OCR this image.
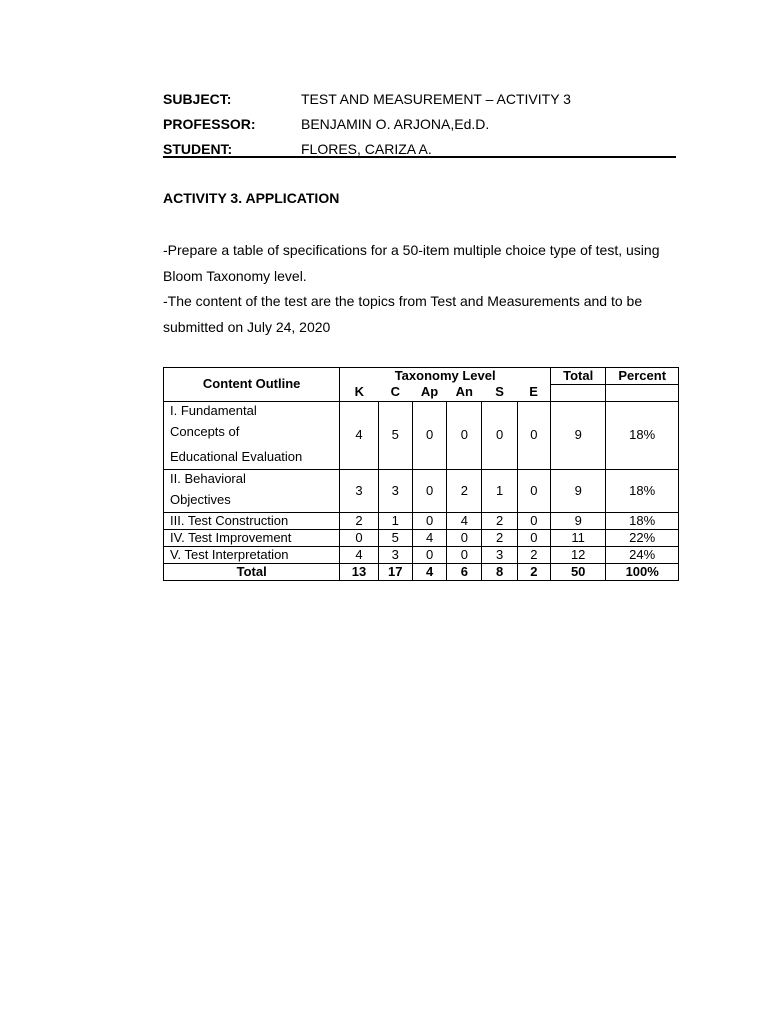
SUBJECT:	TEST AND MEASUREMENT – ACTIVITY 3
PROFESSOR:	BENJAMIN O. ARJONA,Ed.D.
STUDENT:	FLORES, CARIZA A.
ACTIVITY 3. APPLICATION

-Prepare a table of specifications for a 50-item multiple choice type of test, using Bloom Taxonomy level.

-The content of the test are the topics from Test and Measurements and to be submitted on July 24, 2020

Content Outline	Taxonomy Level						Total	Percent
	K	C	Ap	An	S	E		

I. Fundamental
Concepts of
Educational Evaluation	4	5	0	0	0	0	9	18%

II. Behavioral
Objectives	3	3	0	2	1	0	9	18%
III. Test Construction	2	1	0	4	2	0	9	18%
IV. Test Improvement	0	5	4	0	2	0	11	22%
V. Test Interpretation	4	3	0	0	3	2	12	24%
Total	13	17	4	6	8	2	50	100%
